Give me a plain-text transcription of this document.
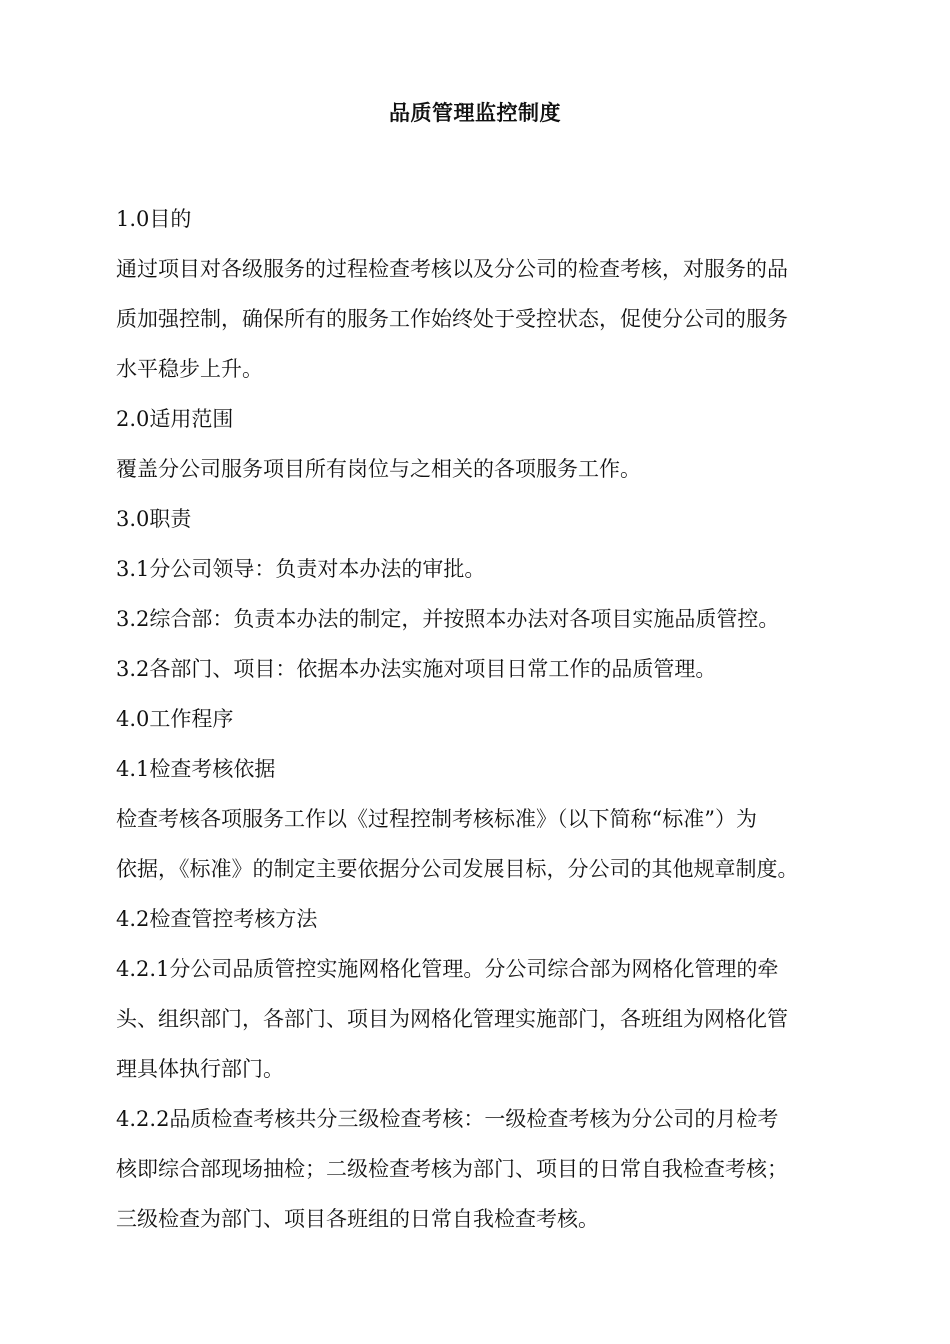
品质管理监控制度
1.0目的
通过项目对各级服务的过程检查考核以及分公司的检查考核，对服务的品
质加强控制，确保所有的服务工作始终处于受控状态，促使分公司的服务
水平稳步上升。
2.0适用范围
覆盖分公司服务项目所有岗位与之相关的各项服务工作。
3.0职责
3.1分公司领导：负责对本办法的审批。
3.2综合部：负责本办法的制定，并按照本办法对各项目实施品质管控。
3.2各部门、项目：依据本办法实施对项目日常工作的品质管理。
4.0工作程序
4.1检查考核依据
检查考核各项服务工作以《过程控制考核标准》（以下简称“标准”）为
依据，《标准》的制定主要依据分公司发展目标，分公司的其他规章制度。
4.2检查管控考核方法
4.2.1分公司品质管控实施网格化管理。分公司综合部为网格化管理的牵
头、组织部门，各部门、项目为网格化管理实施部门，各班组为网格化管
理具体执行部门。
4.2.2品质检查考核共分三级检查考核：一级检查考核为分公司的月检考
核即综合部现场抽检；二级检查考核为部门、项目的日常自我检查考核；
三级检查为部门、项目各班组的日常自我检查考核。
